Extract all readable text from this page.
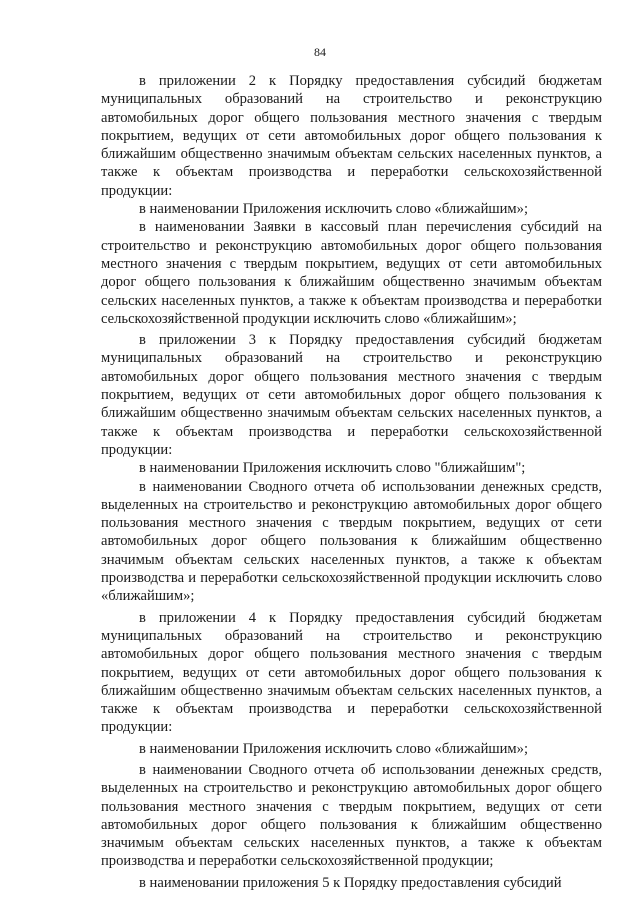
84

в приложении 2 к Порядку предоставления субсидий бюджетам муниципальных образований на строительство и реконструкцию автомобильных дорог общего пользования местного значения с твердым покрытием, ведущих от сети автомобильных дорог общего пользования к ближайшим общественно значимым объектам сельских населенных пунктов, а также к объектам производства и переработки сельскохозяйственной продукции:

в наименовании Приложения исключить слово «ближайшим»;

в наименовании Заявки в кассовый план перечисления субсидий на строительство и реконструкцию автомобильных дорог общего пользования местного значения с твердым покрытием, ведущих от сети автомобильных дорог общего пользования к ближайшим общественно значимым объектам сельских населенных пунктов, а также к объектам производства и переработки сельскохозяйственной продукции исключить слово «ближайшим»;

в приложении 3 к Порядку предоставления субсидий бюджетам муниципальных образований на строительство и реконструкцию автомобильных дорог общего пользования местного значения с твердым покрытием, ведущих от сети автомобильных дорог общего пользования к ближайшим общественно значимым объектам сельских населенных пунктов, а также к объектам производства и переработки сельскохозяйственной продукции:

в наименовании Приложения исключить слово "ближайшим";

в наименовании Сводного отчета об использовании денежных средств, выделенных на строительство и реконструкцию автомобильных дорог общего пользования местного значения с твердым покрытием, ведущих от сети автомобильных дорог общего пользования к ближайшим общественно значимым объектам сельских населенных пунктов, а также к объектам производства и переработки сельскохозяйственной продукции исключить слово «ближайшим»;

в приложении 4 к Порядку предоставления субсидий бюджетам муниципальных образований на строительство и реконструкцию автомобильных дорог общего пользования местного значения с твердым покрытием, ведущих от сети автомобильных дорог общего пользования к ближайшим общественно значимым объектам сельских населенных пунктов, а также к объектам производства и переработки сельскохозяйственной продукции:

в наименовании Приложения исключить слово «ближайшим»;

в наименовании Сводного отчета об использовании денежных средств, выделенных на строительство и реконструкцию автомобильных дорог общего пользования местного значения с твердым покрытием, ведущих от сети автомобильных дорог общего пользования к ближайшим общественно значимым объектам сельских населенных пунктов, а также к объектам производства и переработки сельскохозяйственной продукции;

в наименовании приложения 5 к Порядку предоставления субсидий
